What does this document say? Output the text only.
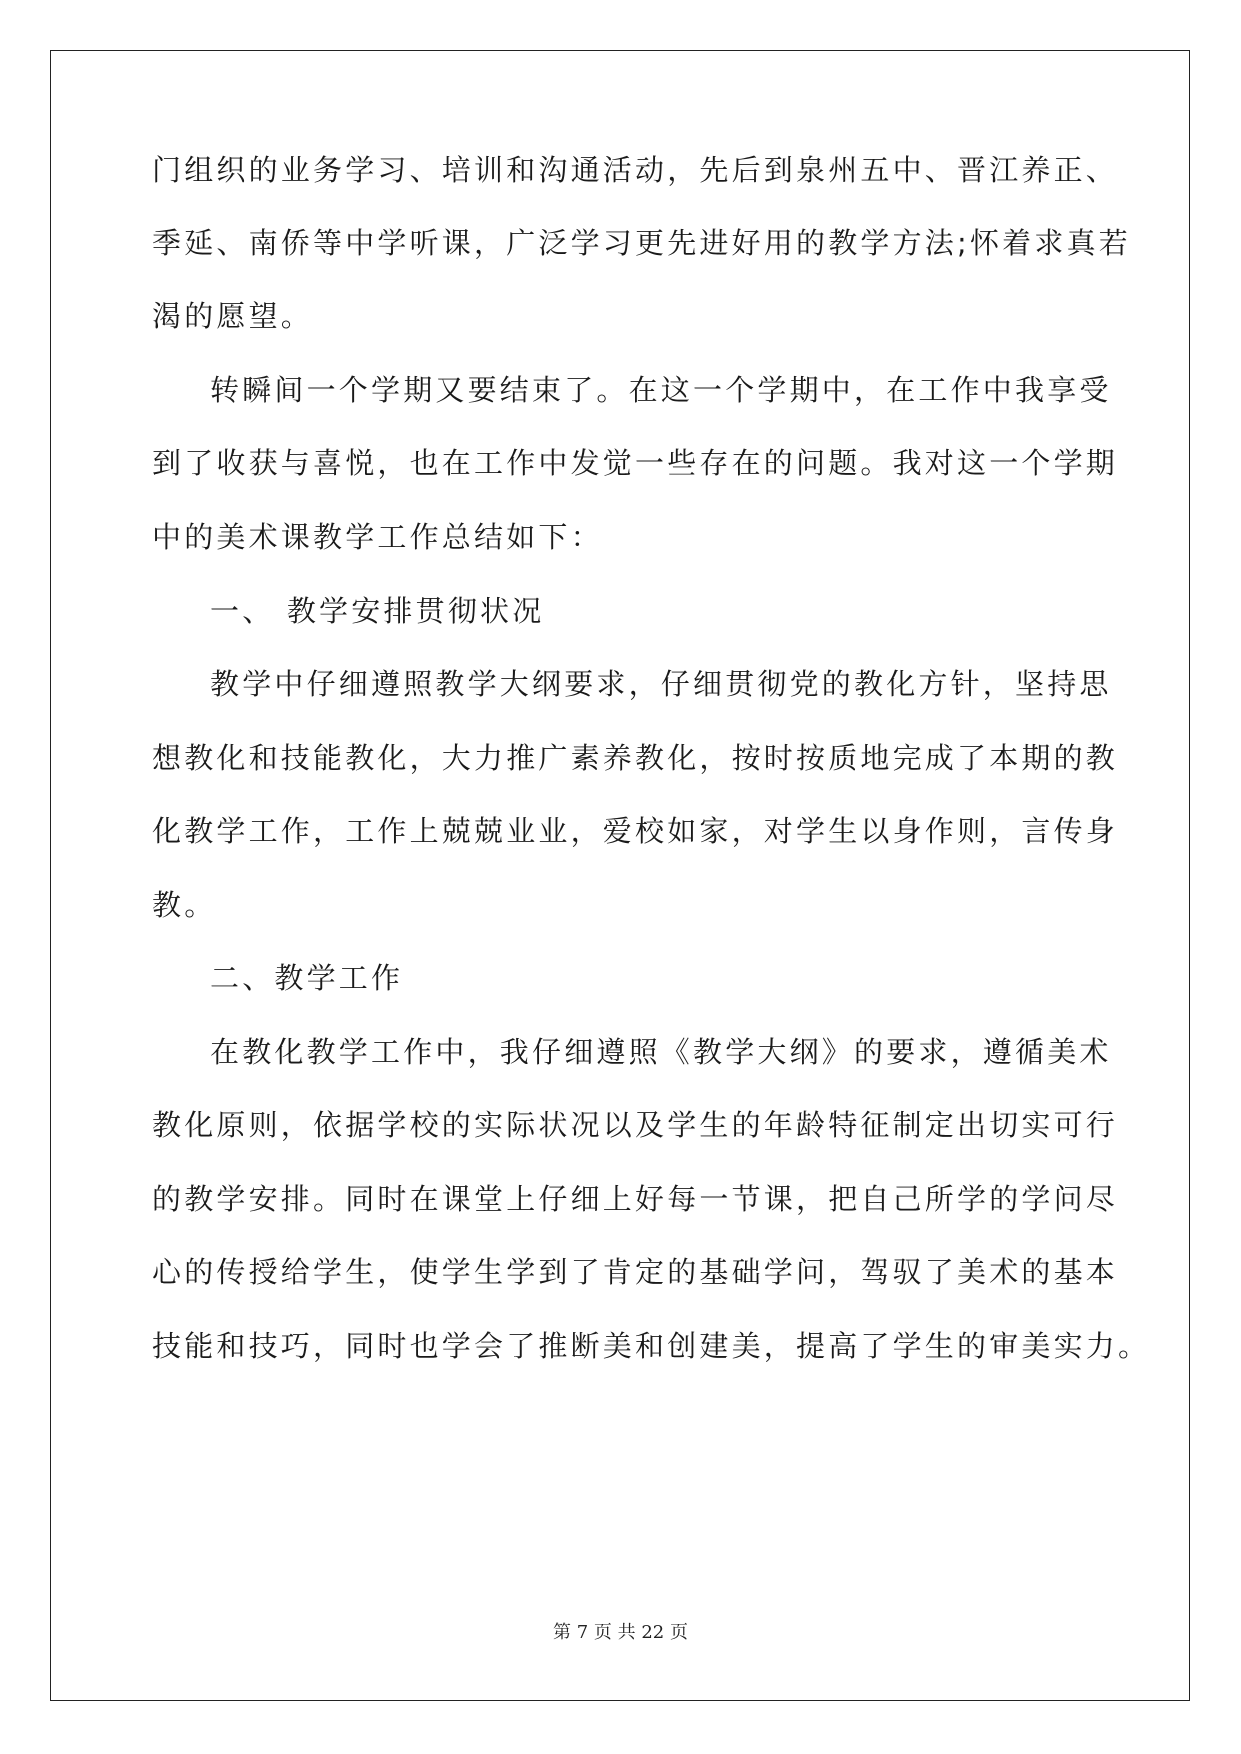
门组织的业务学习、培训和沟通活动，先后到泉州五中、晋江养正、
季延、南侨等中学听课，广泛学习更先进好用的教学方法;怀着求真若
渴的愿望。
转瞬间一个学期又要结束了。在这一个学期中，在工作中我享受
到了收获与喜悦，也在工作中发觉一些存在的问题。我对这一个学期
中的美术课教学工作总结如下：
一、 教学安排贯彻状况
教学中仔细遵照教学大纲要求，仔细贯彻党的教化方针，坚持思
想教化和技能教化，大力推广素养教化，按时按质地完成了本期的教
化教学工作，工作上兢兢业业，爱校如家，对学生以身作则，言传身
教。
二、教学工作
在教化教学工作中，我仔细遵照《教学大纲》的要求，遵循美术
教化原则，依据学校的实际状况以及学生的年龄特征制定出切实可行
的教学安排。同时在课堂上仔细上好每一节课，把自己所学的学问尽
心的传授给学生，使学生学到了肯定的基础学问，驾驭了美术的基本
技能和技巧，同时也学会了推断美和创建美，提高了学生的审美实力。
第 7 页 共 22 页
